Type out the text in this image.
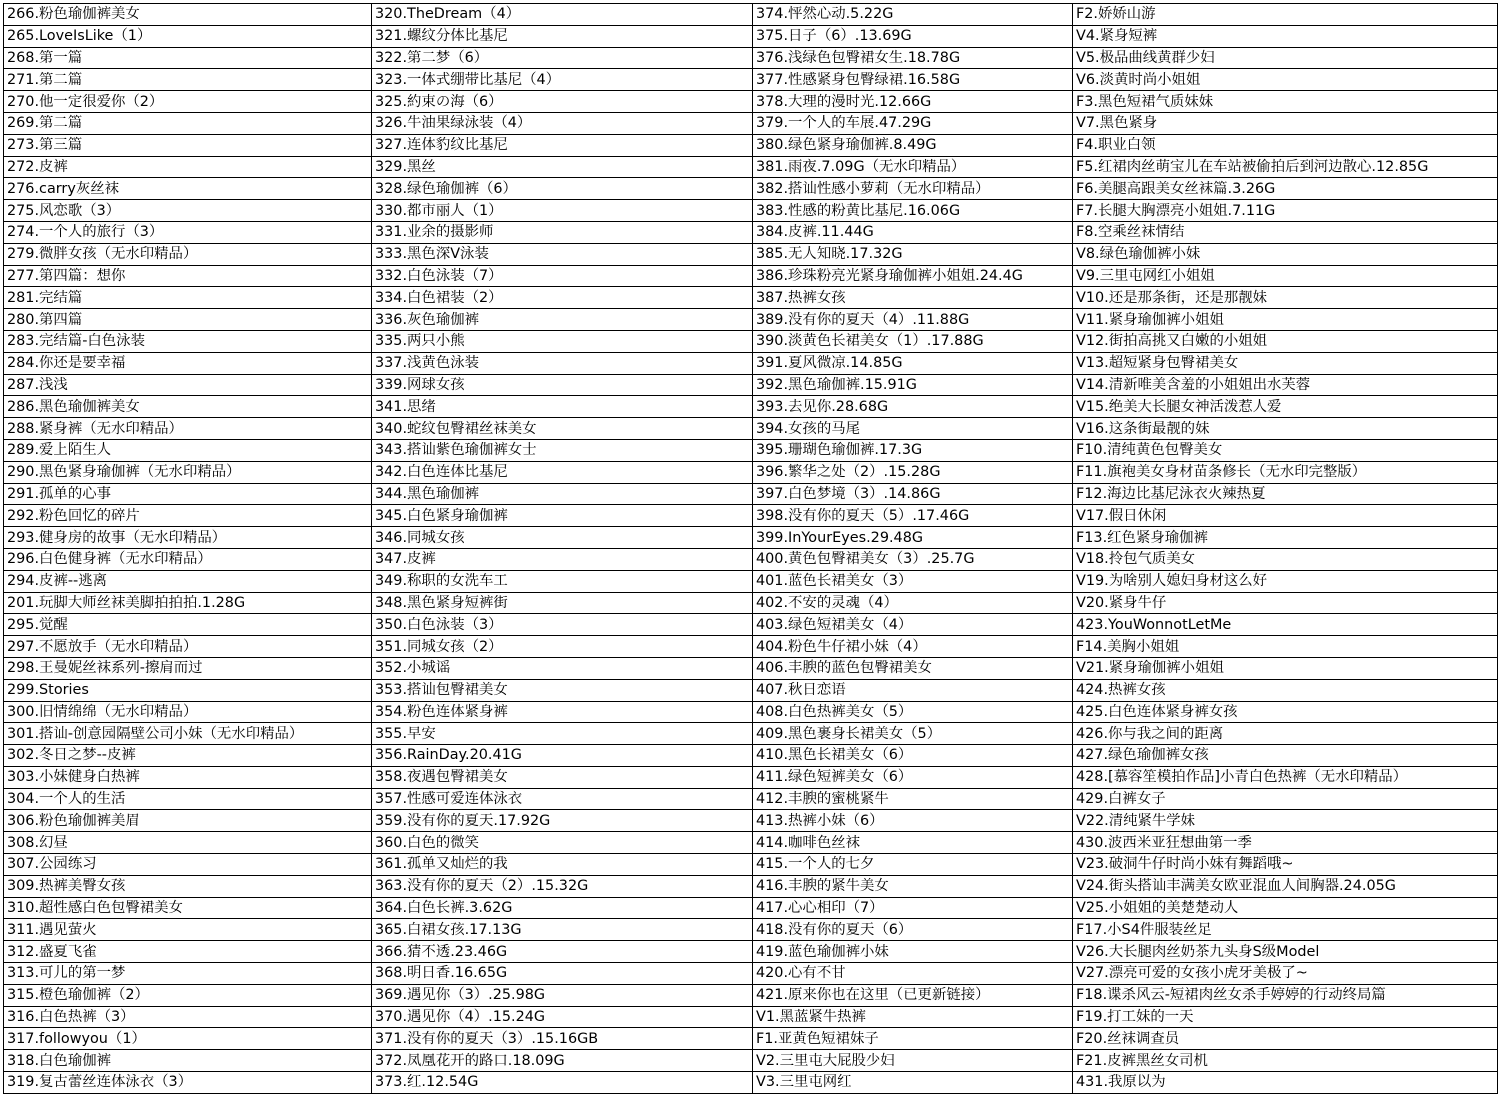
266.粉色瑜伽裤美女	320.TheDream（4）	374.怦然心动.5.22G	F2.娇娇山游
265.LoveIsLike（1）	321.螺纹分体比基尼	375.日子（6）.13.69G	V4.紧身短裤
268.第一篇	322.第二梦（6）	376.浅绿色包臀裙女生.18.78G	V5.极品曲线黄群少妇
271.第二篇	323.一体式绷带比基尼（4）	377.性感紧身包臀绿裙.16.58G	V6.淡黄时尚小姐姐
270.他一定很爱你（2）	325.約束の海（6）	378.大理的漫时光.12.66G	F3.黑色短裙气质妹妹
269.第二篇	326.牛油果绿泳装（4）	379.一个人的车展.47.29G	V7.黑色紧身
273.第三篇	327.连体豹纹比基尼	380.绿色紧身瑜伽裤.8.49G	F4.职业白领
272.皮裤	329.黑丝	381.雨夜.7.09G（无水印精品）	F5.红裙肉丝萌宝儿在车站被偷拍后到河边散心.12.85G
276.carry灰丝袜	328.绿色瑜伽裤（6）	382.搭讪性感小萝莉（无水印精品）	F6.美腿高跟美女丝袜篇.3.26G
275.风恋歌（3）	330.都市丽人（1）	383.性感的粉黄比基尼.16.06G	F7.长腿大胸漂亮小姐姐.7.11G
274.一个人的旅行（3）	331.业余的摄影师	384.皮裤.11.44G	F8.空乘丝袜情结
279.微胖女孩（无水印精品）	333.黑色深V泳装	385.无人知晓.17.32G	V8.绿色瑜伽裤小妹
277.第四篇：想你	332.白色泳装（7）	386.珍珠粉亮光紧身瑜伽裤小姐姐.24.4G	V9.三里屯网红小姐姐
281.完结篇	334.白色裙装（2）	387.热裤女孩	V10.还是那条街，还是那靓妹
280.第四篇	336.灰色瑜伽裤	389.没有你的夏天（4）.11.88G	V11.紧身瑜伽裤小姐姐
283.完结篇-白色泳装	335.两只小熊	390.淡黄色长裙美女（1）.17.88G	V12.街拍高挑又白嫩的小姐姐
284.你还是要幸福	337.浅黄色泳装	391.夏风微凉.14.85G	V13.超短紧身包臀裙美女
287.浅浅	339.网球女孩	392.黑色瑜伽裤.15.91G	V14.清新唯美含羞的小姐姐出水芙蓉
286.黑色瑜伽裤美女	341.思绪	393.去见你.28.68G	V15.绝美大长腿女神活泼惹人爱
288.紧身裤（无水印精品）	340.蛇纹包臀裙丝袜美女	394.女孩的马尾	V16.这条街最靓的妹
289.爱上陌生人	343.搭讪紫色瑜伽裤女士	395.珊瑚色瑜伽裤.17.3G	F10.清纯黄色包臀美女
290.黑色紧身瑜伽裤（无水印精品）	342.白色连体比基尼	396.繁华之处（2）.15.28G	F11.旗袍美女身材苗条修长（无水印完整版）
291.孤单的心事	344.黑色瑜伽裤	397.白色梦境（3）.14.86G	F12.海边比基尼泳衣火辣热夏
292.粉色回忆的碎片	345.白色紧身瑜伽裤	398.没有你的夏天（5）.17.46G	V17.假日休闲
293.健身房的故事（无水印精品）	346.同城女孩	399.InYourEyes.29.48G	F13.红色紧身瑜伽裤
296.白色健身裤（无水印精品）	347.皮裤	400.黄色包臀裙美女（3）.25.7G	V18.拎包气质美女
294.皮裤--逃离	349.称职的女洗车工	401.蓝色长裙美女（3）	V19.为啥别人媳妇身材这么好
201.玩脚大师丝袜美脚拍拍拍.1.28G	348.黑色紧身短裤街	402.不安的灵魂（4）	V20.紧身牛仔
295.觉醒	350.白色泳装（3）	403.绿色短裙美女（4）	423.YouWonnotLetMe
297.不愿放手（无水印精品）	351.同城女孩（2）	404.粉色牛仔裙小妹（4）	F14.美胸小姐姐
298.王曼妮丝袜系列-擦肩而过	352.小城谣	406.丰腴的蓝色包臀裙美女	V21.紧身瑜伽裤小姐姐
299.Stories	353.搭讪包臀裙美女	407.秋日恋语	424.热裤女孩
300.旧情绵绵（无水印精品）	354.粉色连体紧身裤	408.白色热裤美女（5）	425.白色连体紧身裤女孩
301.搭讪-创意园隔壁公司小妹（无水印精品）	355.早安	409.黑色裹身长裙美女（5）	426.你与我之间的距离
302.冬日之梦--皮裤	356.RainDay.20.41G	410.黑色长裙美女（6）	427.绿色瑜伽裤女孩
303.小妹健身白热裤	358.夜遇包臀裙美女	411.绿色短裤美女（6）	428.[慕容笙模拍作品]小青白色热裤（无水印精品）
304.一个人的生活	357.性感可爱连体泳衣	412.丰腴的蜜桃紧牛	429.白裤女子
306.粉色瑜伽裤美眉	359.没有你的夏天.17.92G	413.热裤小妹（6）	V22.清纯紧牛学妹
308.幻昼	360.白色的微笑	414.咖啡色丝袜	430.波西米亚狂想曲第一季
307.公园练习	361.孤单又灿烂的我	415.一个人的七夕	V23.破洞牛仔时尚小妹有舞蹈哦~
309.热裤美臀女孩	363.没有你的夏天（2）.15.32G	416.丰腴的紧牛美女	V24.街头搭讪丰满美女欧亚混血人间胸器.24.05G
310.超性感白色包臀裙美女	364.白色长裤.3.62G	417.心心相印（7）	V25.小姐姐的美楚楚动人
311.遇见萤火	365.白裙女孩.17.13G	418.没有你的夏天（6）	F17.小S4件服装丝足
312.盛夏飞雀	366.猜不透.23.46G	419.蓝色瑜伽裤小妹	V26.大长腿肉丝奶茶九头身S级Model
313.可儿的第一梦	368.明日香.16.65G	420.心有不甘	V27.漂亮可爱的女孩小虎牙美极了~
315.橙色瑜伽裤（2）	369.遇见你（3）.25.98G	421.原来你也在这里（已更新链接）	F18.谍杀风云-短裙肉丝女杀手婷婷的行动终局篇
316.白色热裤（3）	370.遇见你（4）.15.24G	V1.黑蓝紧牛热裤	F19.打工妹的一天
317.followyou（1）	371.没有你的夏天（3）.15.16GB	F1.亚黄色短裙妹子	F20.丝袜调查员
318.白色瑜伽裤	372.凤凰花开的路口.18.09G	V2.三里屯大屁股少妇	F21.皮裤黑丝女司机
319.复古蕾丝连体泳衣（3）	373.红.12.54G	V3.三里屯网红	431.我原以为
